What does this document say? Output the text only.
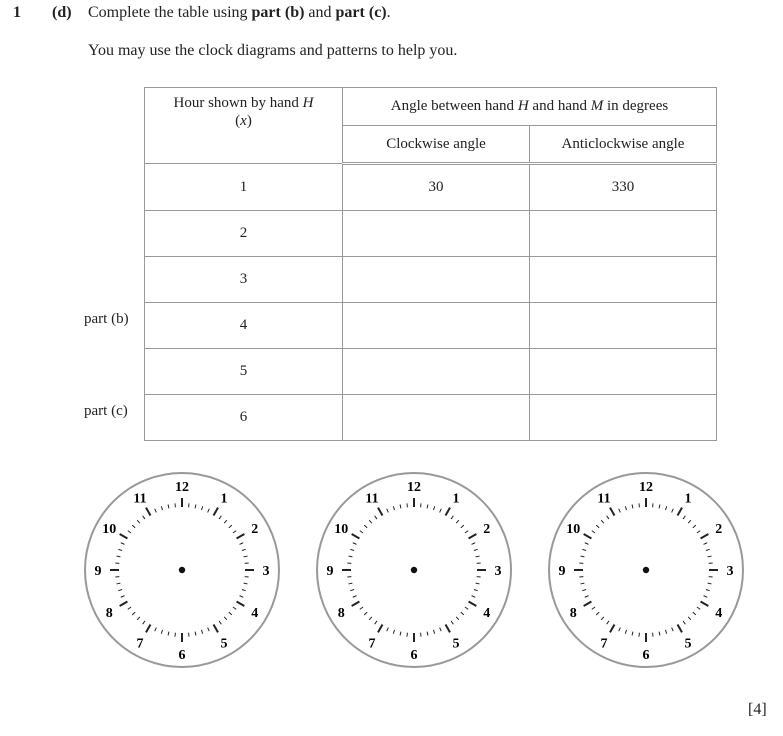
1 (d) Complete the table using part (b) and part (c).
You may use the clock diagrams and patterns to help you.
Hour shown by hand H
(x)	Angle between hand H and hand M in degrees	
	Clockwise angle	Anticlockwise angle
1	30	330
2		
3		
4		
5		
6		
part (b)
part (c)
12
1
2
3
4
5
6
7
8
9
10
11
12
1
2
3
4
5
6
7
8
9
10
11
12
1
2
3
4
5
6
7
8
9
10
11
[4]
